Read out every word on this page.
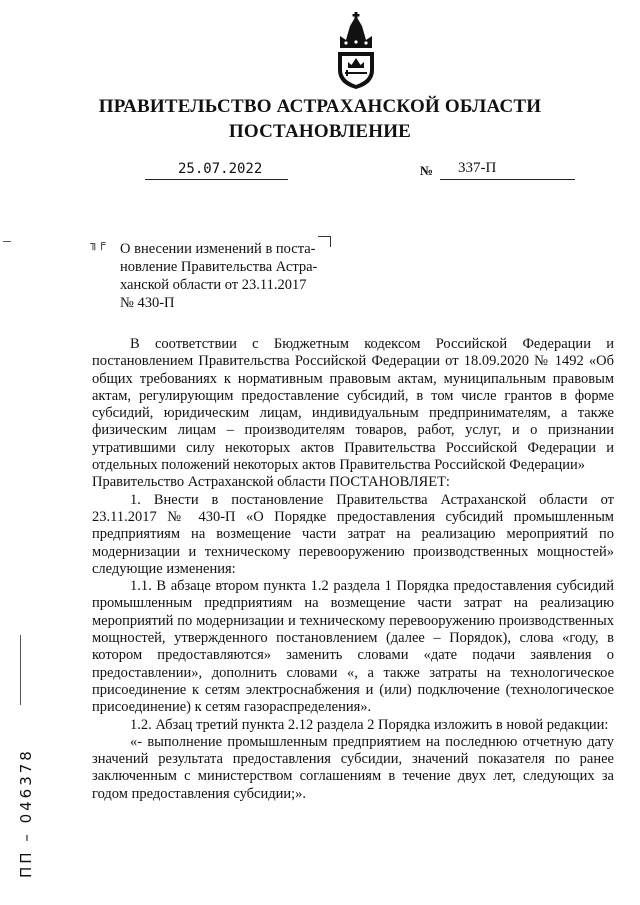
ПРАВИТЕЛЬСТВО АСТРАХАНСКОЙ ОБЛАСТИ
ПОСТАНОВЛЕНИЕ
25.07.2022	№ 337-П
╖╒ О внесении изменений в поста-
новление Правительства Астра-
ханской области от 23.11.2017
№ 430-П

В соответствии с Бюджетным кодексом Российской Федерации и постановлением Правительства Российской Федерации от 18.09.2020 № 1492 «Об общих требованиях к нормативным правовым актам, муниципальным правовым актам, регулирующим предоставление субсидий, в том числе грантов в форме субсидий, юридическим лицам, индивидуальным предпринимателям, а также физическим лицам – производителям товаров, работ, услуг, и о признании утратившими силу некоторых актов Правительства Российской Федерации и отдельных положений некоторых актов Правительства Российской Федерации»

Правительство Астраханской области ПОСТАНОВЛЯЕТ:

1. Внести в постановление Правительства Астраханской области от 23.11.2017 № 430-П «О Порядке предоставления субсидий промышленным предприятиям на возмещение части затрат на реализацию мероприятий по модернизации и техническому перевооружению производственных мощностей» следующие изменения:

1.1. В абзаце втором пункта 1.2 раздела 1 Порядка предоставления субсидий промышленным предприятиям на возмещение части затрат на реализацию мероприятий по модернизации и техническому перевооружению производственных мощностей, утвержденного постановлением (далее – Порядок), слова «году, в котором предоставляются» заменить словами «дате подачи заявления о предоставлении», дополнить словами «, а также затраты на технологическое присоединение к сетям электроснабжения и (или) подключение (технологическое присоединение) к сетям газораспределения».

1.2. Абзац третий пункта 2.12 раздела 2 Порядка изложить в новой редакции:

«- выполнение промышленным предприятием на последнюю отчетную дату значений результата предоставления субсидии, значений показателя по ранее заключенным с министерством соглашениям в течение двух лет, следующих за годом предоставления субсидии;».

ПП – 046378
